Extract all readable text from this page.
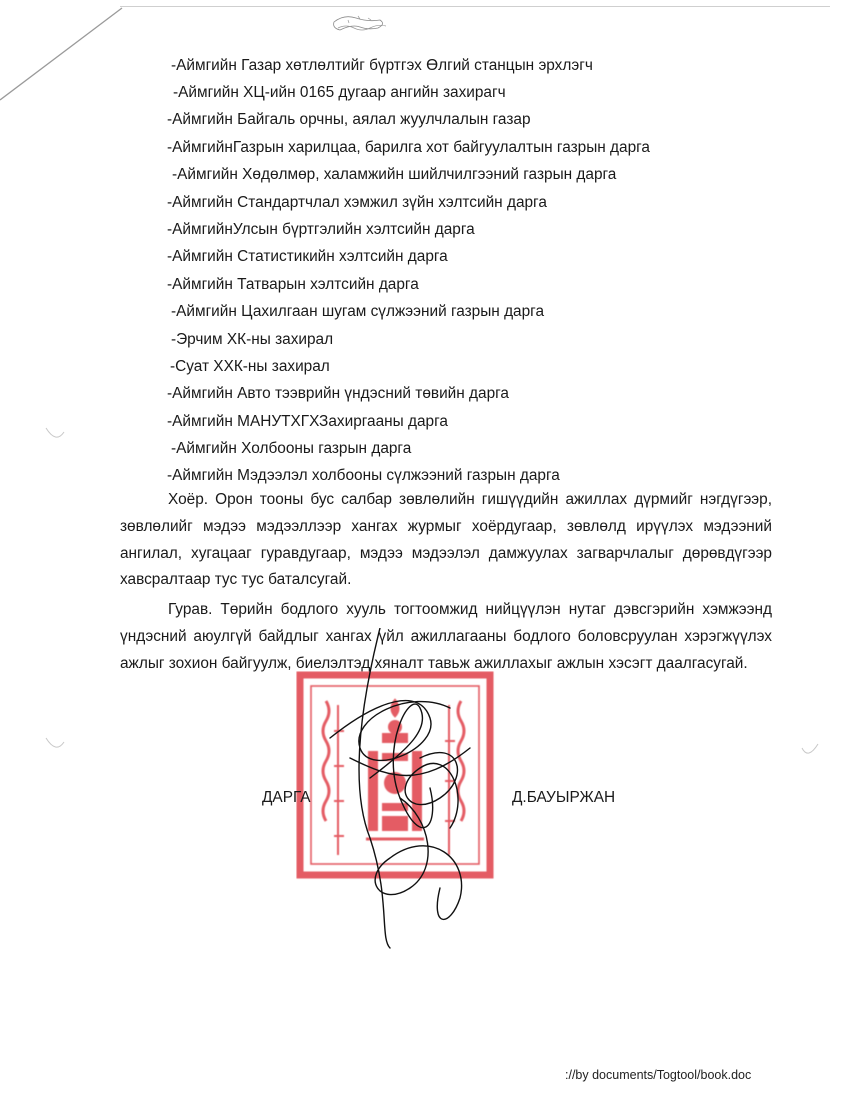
-Аймгийн Газар хөтлөлтийг бүртгэх Өлгий станцын эрхлэгч
-Аймгийн ХЦ-ийн 0165 дугаар ангийн захирагч
-Аймгийн Байгаль орчны, аялал жуулчлалын газар
-АймгийнГазрын харилцаа, барилга хот байгуулалтын газрын дарга
-Аймгийн Хөдөлмөр, халамжийн шийлчилгээний газрын дарга
-Аймгийн Стандартчлал хэмжил зүйн хэлтсийн дарга
-АймгийнУлсын бүртгэлийн хэлтсийн дарга
-Аймгийн Статистикийн хэлтсийн дарга
-Аймгийн Татварын хэлтсийн дарга
-Аймгийн Цахилгаан шугам сүлжээний газрын дарга
-Эрчим ХК-ны захирал
-Суат ХХК-ны захирал
-Аймгийн Авто тээврийн үндэсний төвийн дарга
-Аймгийн МАНУТХГХЗахиргааны дарга
-Аймгийн Холбооны газрын дарга
-Аймгийн Мэдээлэл холбооны сүлжээний газрын дарга
Хоёр. Орон тооны бус салбар зөвлөлийн гишүүдийн ажиллах дүрмийг нэгдүгээр, зөвлөлийг мэдээ мэдээллээр хангах журмыг хоёрдугаар, зөвлөлд ирүүлэх мэдээний ангилал, хугацааг гуравдугаар, мэдээ мэдээлэл дамжуулах загварчлалыг дөрөвдүгээр хавсралтаар тус тус баталсугай.
Гурав. Төрийн бодлого хууль тогтоомжид нийцүүлэн нутаг дэвсгэрийн хэмжээнд үндэсний аюулгүй байдлыг хангах үйл ажиллагааны бодлого боловсруулан хэрэгжүүлэх ажлыг зохион байгуулж, биелэлтэд хяналт тавьж ажиллахыг ажлын хэсэгт даалгасугай.
ДАРГА	Д.БАУЫРЖАН
://by documents/Togtool/book.doc
